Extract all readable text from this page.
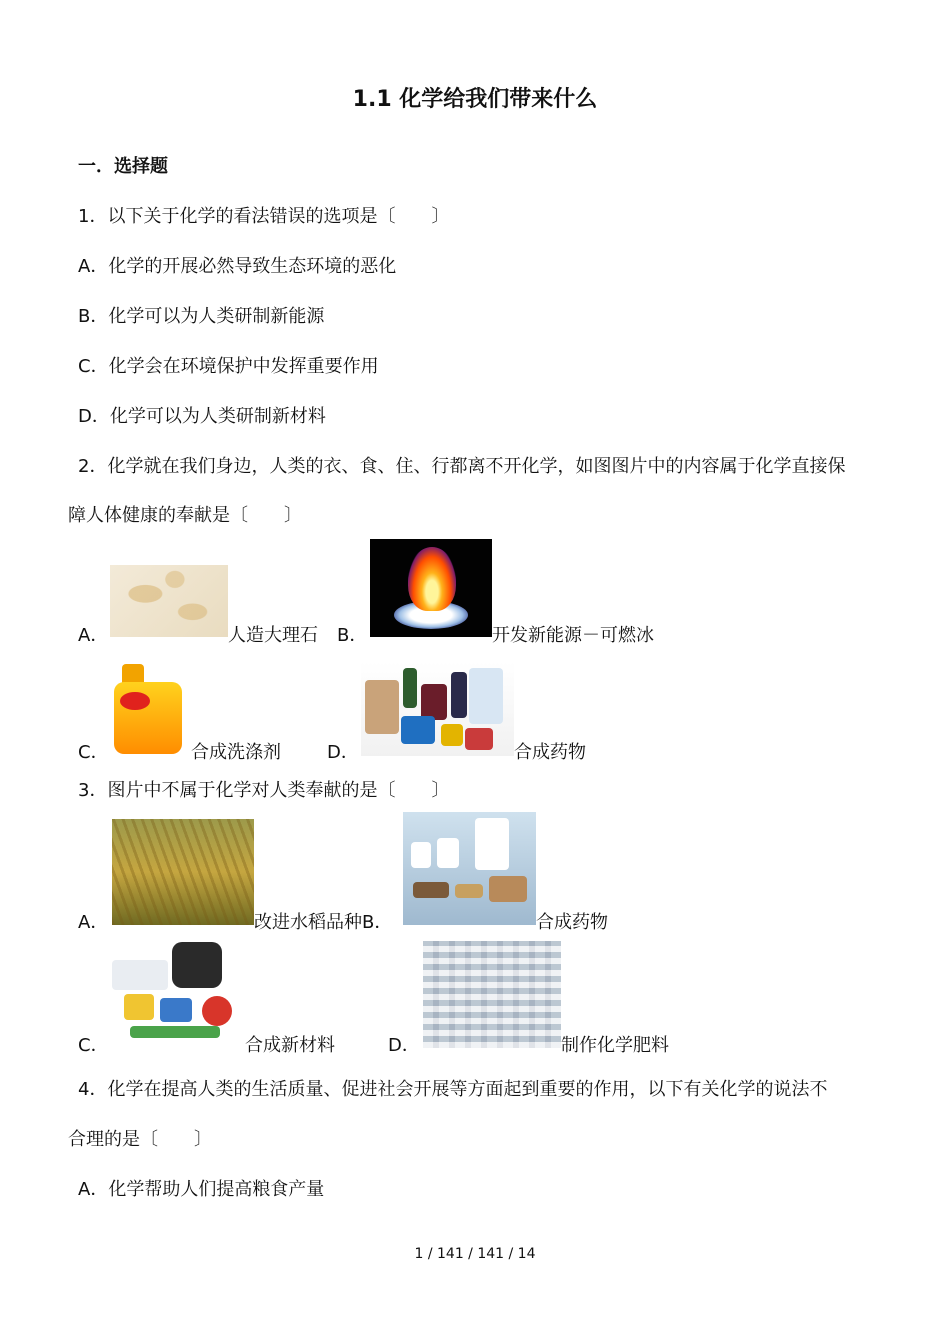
1.1 化学给我们带来什么
一．选择题
1．以下关于化学的看法错误的选项是〔　　〕
A．化学的开展必然导致生态环境的恶化
B．化学可以为人类研制新能源
C．化学会在环境保护中发挥重要作用
D．化学可以为人类研制新材料
2．化学就在我们身边，人类的衣、食、住、行都离不开化学，如图图片中的内容属于化学直接保
障人体健康的奉献是〔　　〕
A．	人造大理石 B．	开发新能源－可燃冰
C．	合成洗涤剂	D．	合成药物
3．图片中不属于化学对人类奉献的是〔　　〕
A．	改进水稻品种B．	合成药物
C．	合成新材料	D．	制作化学肥料
4．化学在提高人类的生活质量、促进社会开展等方面起到重要的作用，以下有关化学的说法不
合理的是〔　　〕
A．化学帮助人们提高粮食产量
1 / 141 / 141 / 14
